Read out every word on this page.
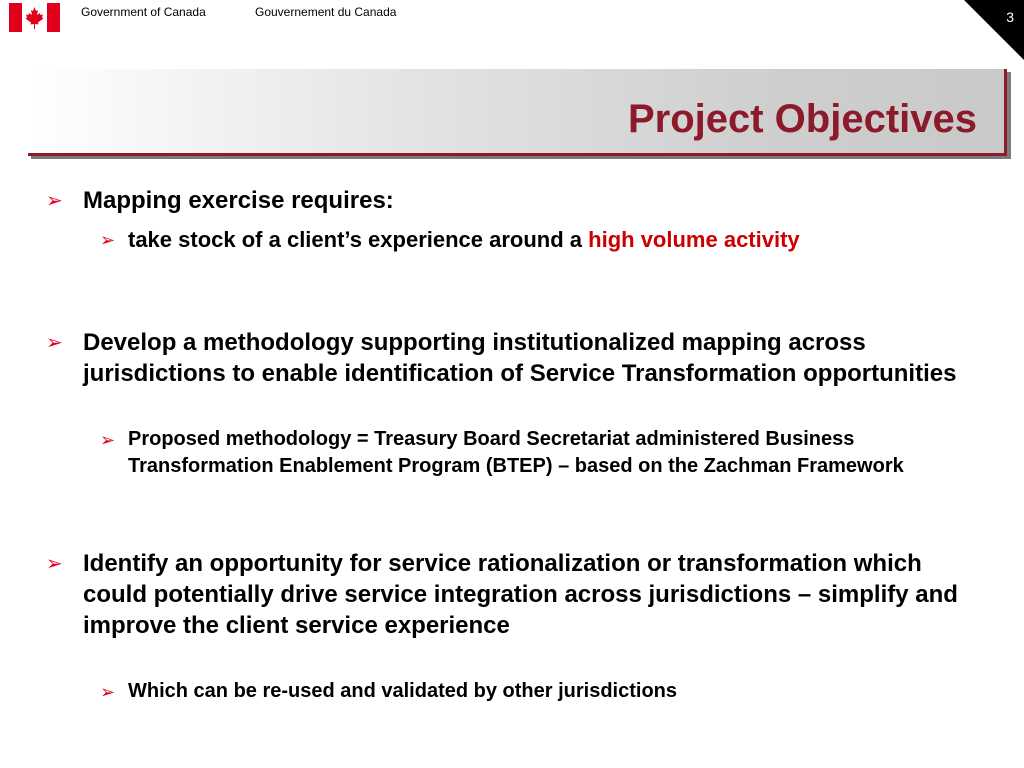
Government of Canada	Gouvernement du Canada	3
Project Objectives
➢ Mapping exercise requires:
➢ take stock of a client’s experience around a high volume activity
➢ Develop a methodology supporting institutionalized mapping across jurisdictions to enable identification of Service Transformation opportunities
➢ Proposed methodology = Treasury Board Secretariat administered Business Transformation Enablement Program (BTEP) – based on the Zachman Framework
➢ Identify an opportunity for service rationalization or transformation which could potentially drive service integration across jurisdictions – simplify and improve the client service experience
➢ Which can be re-used and validated by other jurisdictions
